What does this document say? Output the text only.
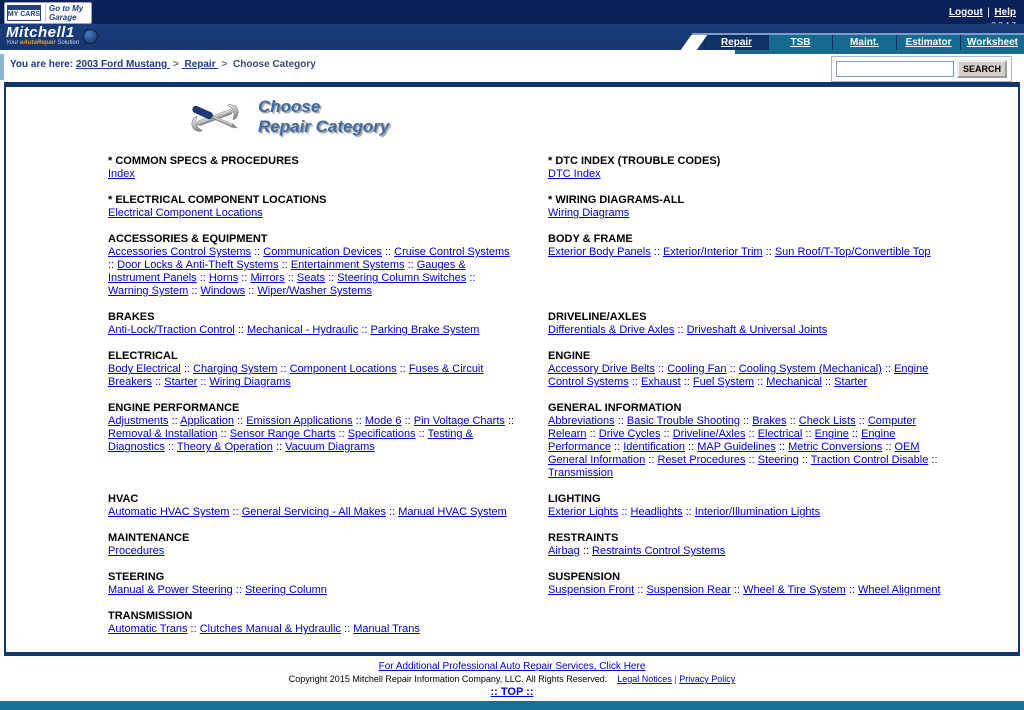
MY CARS
Go to My Garage	Logout | Help
Mitchell1
Your eAutoRepair Solution	Repair	TSB	Maint.	Estimator	Worksheet
You are here: 2003 Ford Mustang > Repair > Choose Category	SEARCH
Choose
Repair Category
* COMMON SPECS & PROCEDURES
Index
* DTC INDEX (TROUBLE CODES)
DTC Index
* ELECTRICAL COMPONENT LOCATIONS
Electrical Component Locations
* WIRING DIAGRAMS-ALL
Wiring Diagrams
ACCESSORIES & EQUIPMENT
Accessories Control Systems :: Communication Devices :: Cruise Control Systems :: Door Locks & Anti-Theft Systems :: Entertainment Systems :: Gauges & Instrument Panels :: Horns :: Mirrors :: Seats :: Steering Column Switches :: Warning System :: Windows :: Wiper/Washer Systems
BODY & FRAME
Exterior Body Panels :: Exterior/Interior Trim :: Sun Roof/T-Top/Convertible Top
BRAKES
Anti-Lock/Traction Control :: Mechanical - Hydraulic :: Parking Brake System
DRIVELINE/AXLES
Differentials & Drive Axles :: Driveshaft & Universal Joints
ELECTRICAL
Body Electrical :: Charging System :: Component Locations :: Fuses & Circuit Breakers :: Starter :: Wiring Diagrams
ENGINE
Accessory Drive Belts :: Cooling Fan :: Cooling System (Mechanical) :: Engine Control Systems :: Exhaust :: Fuel System :: Mechanical :: Starter
ENGINE PERFORMANCE
Adjustments :: Application :: Emission Applications :: Mode 6 :: Pin Voltage Charts :: Removal & Installation :: Sensor Range Charts :: Specifications :: Testing & Diagnostics :: Theory & Operation :: Vacuum Diagrams
GENERAL INFORMATION
Abbreviations :: Basic Trouble Shooting :: Brakes :: Check Lists :: Computer Relearn :: Drive Cycles :: Driveline/Axles :: Electrical :: Engine :: Engine Performance :: Identification :: MAP Guidelines :: Metric Conversions :: OEM General Information :: Reset Procedures :: Steering :: Traction Control Disable :: Transmission
HVAC
Automatic HVAC System :: General Servicing - All Makes :: Manual HVAC System
LIGHTING
Exterior Lights :: Headlights :: Interior/Illumination Lights
MAINTENANCE
Procedures
RESTRAINTS
Airbag :: Restraints Control Systems
STEERING
Manual & Power Steering :: Steering Column
SUSPENSION
Suspension Front :: Suspension Rear :: Wheel & Tire System :: Wheel Alignment
TRANSMISSION
Automatic Trans :: Clutches Manual & Hydraulic :: Manual Trans
For Additional Professional Auto Repair Services, Click Here
Copyright 2015 Mitchell Repair Information Company, LLC. All Rights Reserved. Legal Notices | Privacy Policy
:: TOP ::
